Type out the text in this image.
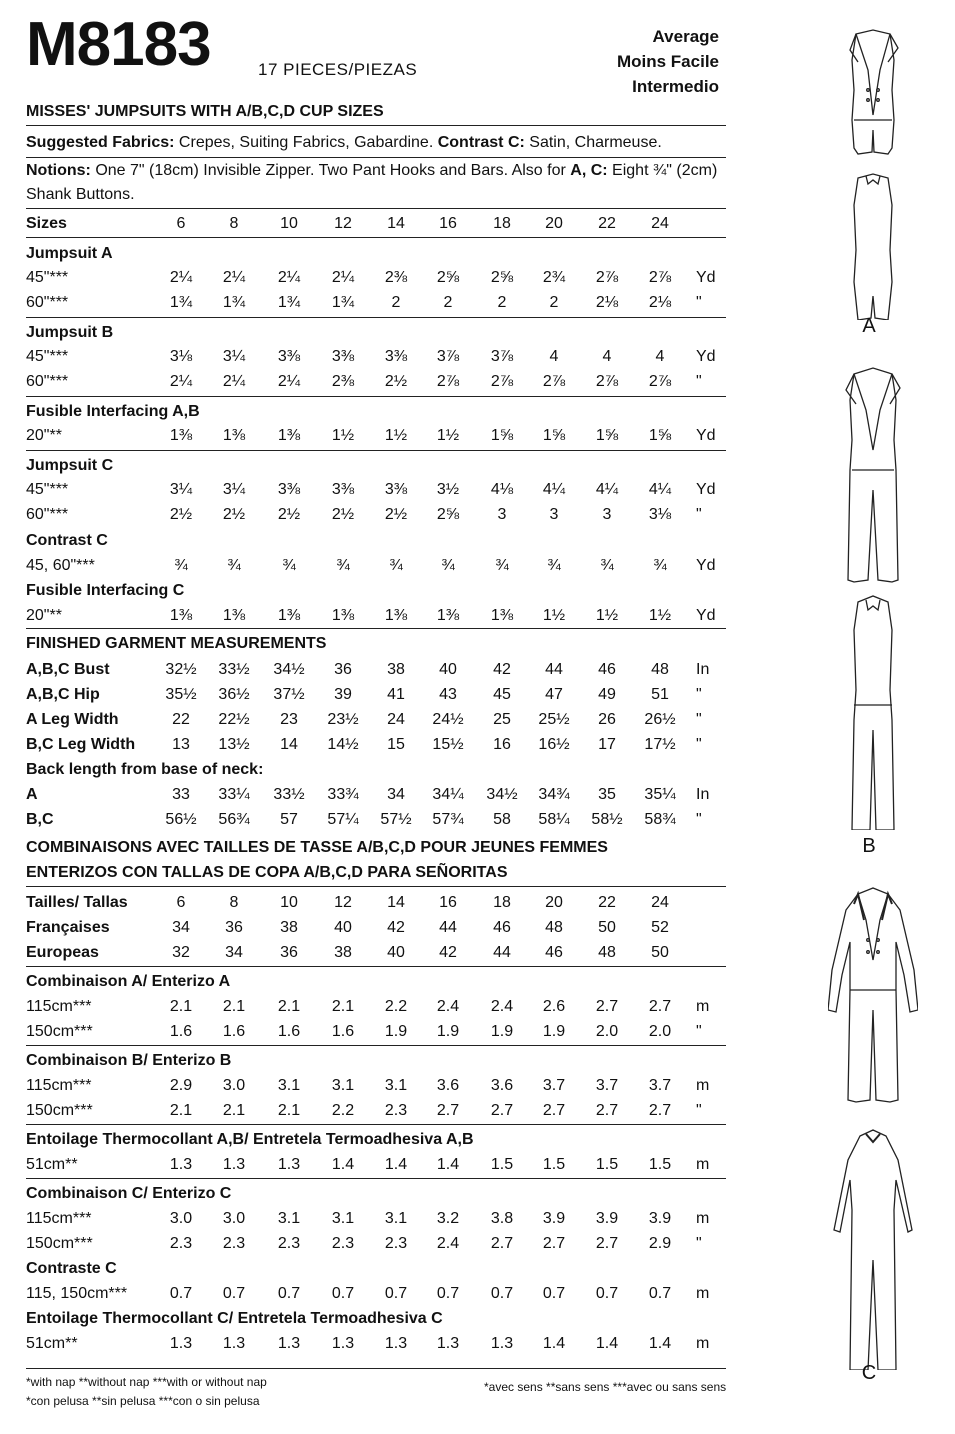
M8183	17 PIECES/PIEZAS
Average
Moins Facile
Intermedio
MISSES' JUMPSUITS WITH A/B,C,D CUP SIZES
Suggested Fabrics: Crepes, Suiting Fabrics, Gabardine. Contrast C: Satin, Charmeuse.
Notions: One 7" (18cm) Invisible Zipper. Two Pant Hooks and Bars. Also for A, C: Eight ¾" (2cm) Shank Buttons.
Sizes	6	8	10	12	14	16	18	20	22	24
Jumpsuit A
45"***	2¼	2¼	2¼	2¼	2⅜	2⅝	2⅝	2¾	2⅞	2⅞	Yd
60"***	1¾	1¾	1¾	1¾	2	2	2	2	2⅛	2⅛	"
Jumpsuit B
45"***	3⅛	3¼	3⅜	3⅜	3⅜	3⅞	3⅞	4	4	4	Yd
60"***	2¼	2¼	2¼	2⅜	2½	2⅞	2⅞	2⅞	2⅞	2⅞	"
Fusible Interfacing A,B
20"**	1⅜	1⅜	1⅜	1½	1½	1½	1⅝	1⅝	1⅝	1⅝	Yd
Jumpsuit C
45"***	3¼	3¼	3⅜	3⅜	3⅜	3½	4⅛	4¼	4¼	4¼	Yd
60"***	2½	2½	2½	2½	2½	2⅝	3	3	3	3⅛	"
Contrast C
45, 60"***	¾	¾	¾	¾	¾	¾	¾	¾	¾	¾	Yd
Fusible Interfacing C
20"**	1⅜	1⅜	1⅜	1⅜	1⅜	1⅜	1⅜	1½	1½	1½	Yd
FINISHED GARMENT MEASUREMENTS
A,B,C Bust	32½	33½	34½	36	38	40	42	44	46	48	In
A,B,C Hip	35½	36½	37½	39	41	43	45	47	49	51	"
A Leg Width	22	22½	23	23½	24	24½	25	25½	26	26½	"
B,C Leg Width	13	13½	14	14½	15	15½	16	16½	17	17½	"
Back length from base of neck:
A	33	33¼	33½	33¾	34	34¼	34½	34¾	35	35¼	In
B,C	56½	56¾	57	57¼	57½	57¾	58	58¼	58½	58¾	"
COMBINAISONS AVEC TAILLES DE TASSE A/B,C,D POUR JEUNES FEMMES
ENTERIZOS CON TALLAS DE COPA A/B,C,D PARA SEÑORITAS
Tailles/ Tallas	6	8	10	12	14	16	18	20	22	24
Françaises	34	36	38	40	42	44	46	48	50	52
Europeas	32	34	36	38	40	42	44	46	48	50
Combinaison A/ Enterizo A
115cm***	2.1	2.1	2.1	2.1	2.2	2.4	2.4	2.6	2.7	2.7	m
150cm***	1.6	1.6	1.6	1.6	1.9	1.9	1.9	1.9	2.0	2.0	"
Combinaison B/ Enterizo B
115cm***	2.9	3.0	3.1	3.1	3.1	3.6	3.6	3.7	3.7	3.7	m
150cm***	2.1	2.1	2.1	2.2	2.3	2.7	2.7	2.7	2.7	2.7	"
Entoilage Thermocollant A,B/ Entretela Termoadhesiva A,B
51cm**	1.3	1.3	1.3	1.4	1.4	1.4	1.5	1.5	1.5	1.5	m
Combinaison C/ Enterizo C
115cm***	3.0	3.0	3.1	3.1	3.1	3.2	3.8	3.9	3.9	3.9	m
150cm***	2.3	2.3	2.3	2.3	2.3	2.4	2.7	2.7	2.7	2.9	"
Contraste C
115, 150cm***	0.7	0.7	0.7	0.7	0.7	0.7	0.7	0.7	0.7	0.7	m
Entoilage Thermocollant C/ Entretela Termoadhesiva C
51cm**	1.3	1.3	1.3	1.3	1.3	1.3	1.3	1.4	1.4	1.4	m
*with nap **without nap ***with or without nap
*con pelusa **sin pelusa ***con o sin pelusa
*avec sens **sans sens ***avec ou sans sens
A
B
C
